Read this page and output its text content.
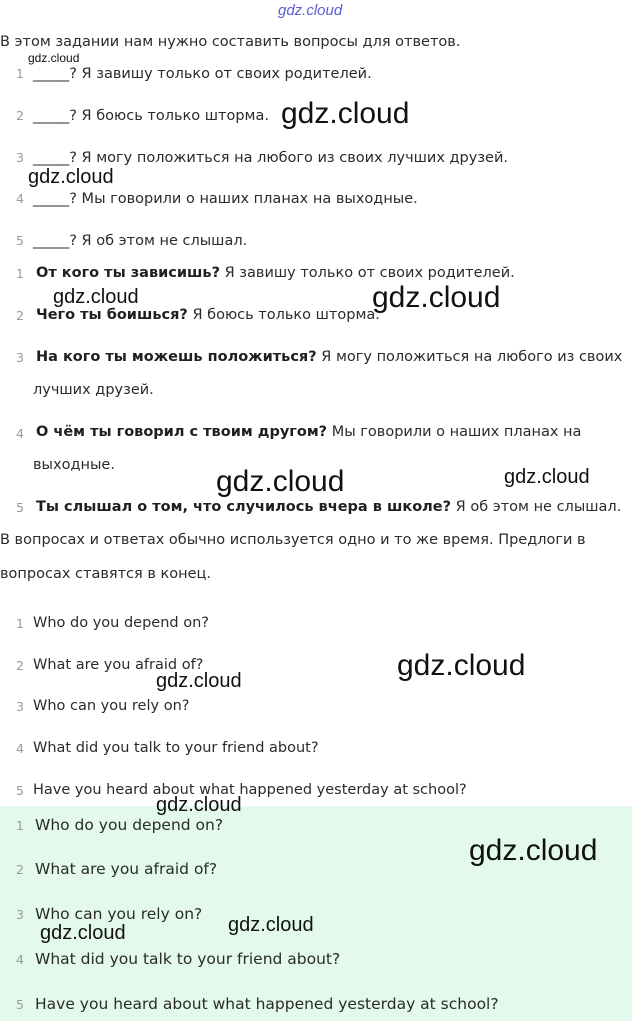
gdz.cloud
В этом задании нам нужно составить вопросы для ответов.
1 _____? Я завишу только от своих родителей.
2 _____? Я боюсь только шторма.
3 _____? Я могу положиться на любого из своих лучших друзей.
4 _____? Мы говорили о наших планах на выходные.
5 _____? Я об этом не слышал.
1 От кого ты зависишь? Я завишу только от своих родителей.
2 Чего ты боишься? Я боюсь только шторма.
3 На кого ты можешь положиться? Я могу положиться на любого из своих
лучших друзей.
4 О чём ты говорил с твоим другом? Мы говорили о наших планах на
выходные.
5 Ты слышал о том, что случилось вчера в школе? Я об этом не слышал.
В вопросах и ответах обычно используется одно и то же время. Предлоги в
вопросах ставятся в конец.
1 Who do you depend on?
2 What are you afraid of?
3 Who can you rely on?
4 What did you talk to your friend about?
5 Have you heard about what happened yesterday at school?
1 Who do you depend on?
2 What are you afraid of?
3 Who can you rely on?
4 What did you talk to your friend about?
5 Have you heard about what happened yesterday at school?
gdz.cloud
gdz.cloud
gdz.cloud
gdz.cloud	gdz.cloud
gdz.cloud	gdz.cloud
gdz.cloud
gdz.cloud
gdz.cloud
gdz.cloud
gdz.cloud
gdz.cloud
